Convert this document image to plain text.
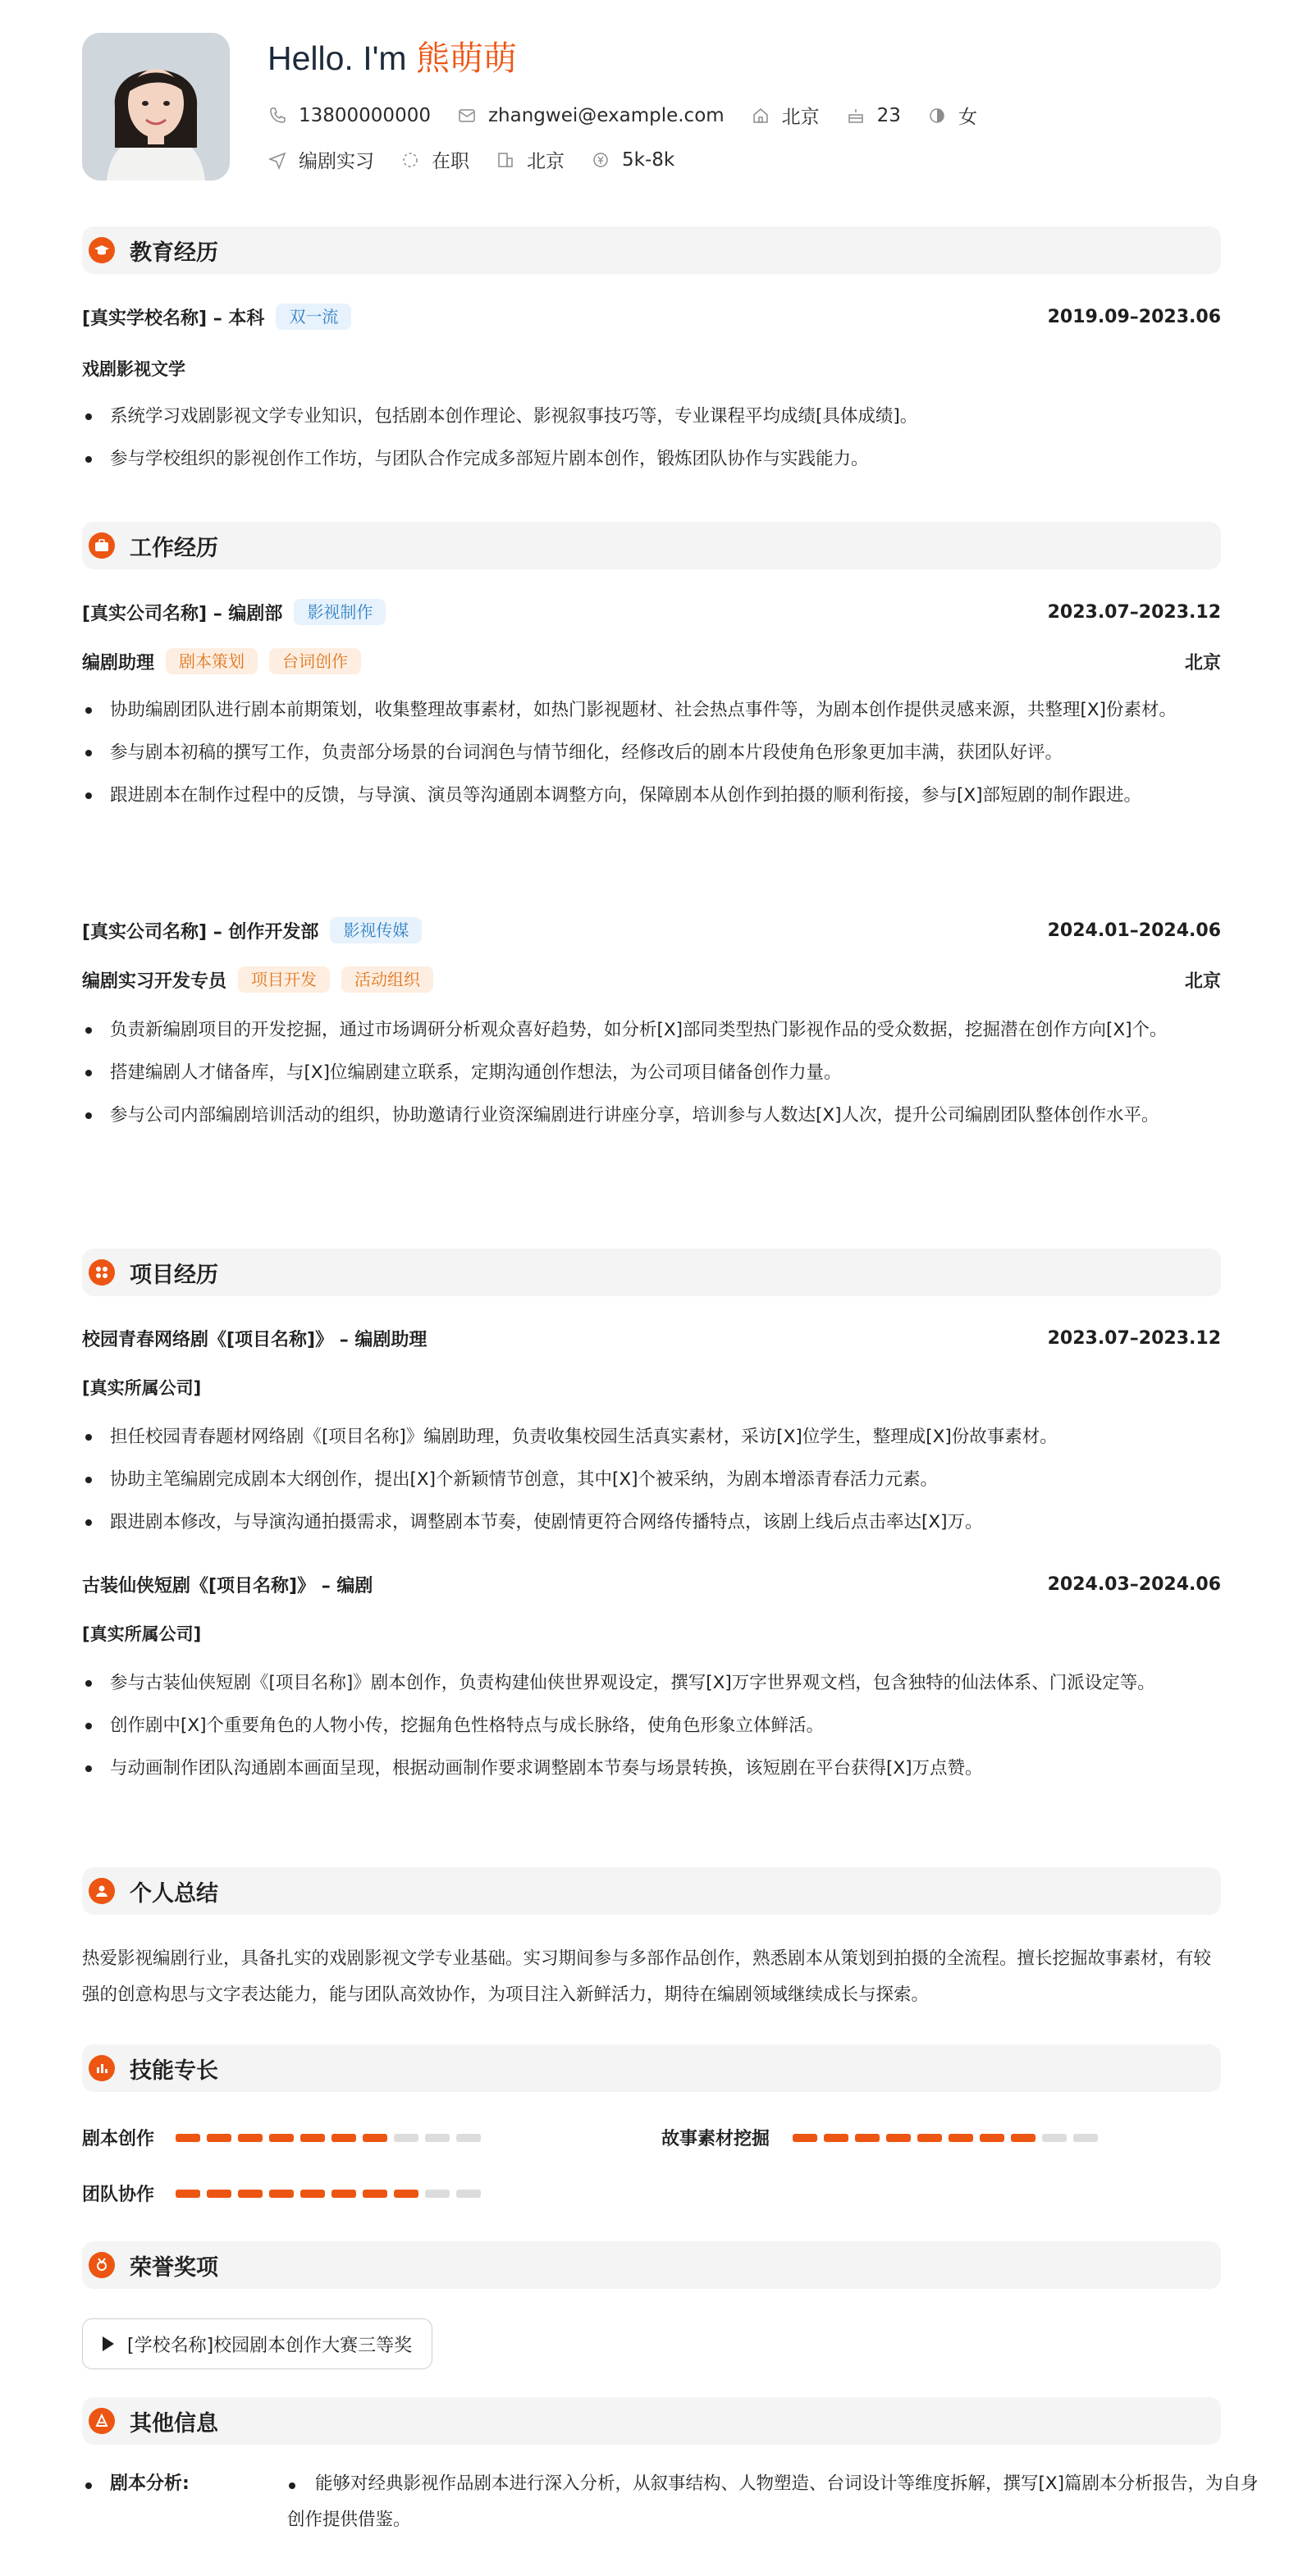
Hello. I'm 熊萌萌
13800000000	zhangwei@example.com	北京	23	女
编剧实习	在职	北京	5k-8k
教育经历
[真实学校名称] – 本科	双一流	2019.09–2023.06
戏剧影视文学
系统学习戏剧影视文学专业知识，包括剧本创作理论、影视叙事技巧等，专业课程平均成绩[具体成绩]。
参与学校组织的影视创作工作坊，与团队合作完成多部短片剧本创作，锻炼团队协作与实践能力。
工作经历
[真实公司名称] – 编剧部	影视制作	2023.07–2023.12
编剧助理	剧本策划	台词创作	北京
协助编剧团队进行剧本前期策划，收集整理故事素材，如热门影视题材、社会热点事件等，为剧本创作提供灵感来源，共整理[X]份素材。
参与剧本初稿的撰写工作，负责部分场景的台词润色与情节细化，经修改后的剧本片段使角色形象更加丰满，获团队好评。
跟进剧本在制作过程中的反馈，与导演、演员等沟通剧本调整方向，保障剧本从创作到拍摄的顺利衔接，参与[X]部短剧的制作跟进。
[真实公司名称] – 创作开发部	影视传媒	2024.01–2024.06
编剧实习开发专员	项目开发	活动组织	北京
负责新编剧项目的开发挖掘，通过市场调研分析观众喜好趋势，如分析[X]部同类型热门影视作品的受众数据，挖掘潜在创作方向[X]个。
搭建编剧人才储备库，与[X]位编剧建立联系，定期沟通创作想法，为公司项目储备创作力量。
参与公司内部编剧培训活动的组织，协助邀请行业资深编剧进行讲座分享，培训参与人数达[X]人次，提升公司编剧团队整体创作水平。
项目经历
校园青春网络剧《[项目名称]》 – 编剧助理	2023.07–2023.12
[真实所属公司]
担任校园青春题材网络剧《[项目名称]》编剧助理，负责收集校园生活真实素材，采访[X]位学生，整理成[X]份故事素材。
协助主笔编剧完成剧本大纲创作，提出[X]个新颖情节创意，其中[X]个被采纳，为剧本增添青春活力元素。
跟进剧本修改，与导演沟通拍摄需求，调整剧本节奏，使剧情更符合网络传播特点，该剧上线后点击率达[X]万。
古装仙侠短剧《[项目名称]》 – 编剧	2024.03–2024.06
[真实所属公司]
参与古装仙侠短剧《[项目名称]》剧本创作，负责构建仙侠世界观设定，撰写[X]万字世界观文档，包含独特的仙法体系、门派设定等。
创作剧中[X]个重要角色的人物小传，挖掘角色性格特点与成长脉络，使角色形象立体鲜活。
与动画制作团队沟通剧本画面呈现，根据动画制作要求调整剧本节奏与场景转换，该短剧在平台获得[X]万点赞。
个人总结
热爱影视编剧行业，具备扎实的戏剧影视文学专业基础。实习期间参与多部作品创作，熟悉剧本从策划到拍摄的全流程。擅长挖掘故事素材，有较强的创意构思与文字表达能力，能与团队高效协作，为项目注入新鲜活力，期待在编剧领域继续成长与探索。
技能专长
剧本创作	故事素材挖掘
团队协作
荣誉奖项
[学校名称]校园剧本创作大赛三等奖
其他信息
剧本分析:	能够对经典影视作品剧本进行深入分析，从叙事结构、人物塑造、台词设计等维度拆解，撰写[X]篇剧本分析报告，为自身创作提供借鉴。
